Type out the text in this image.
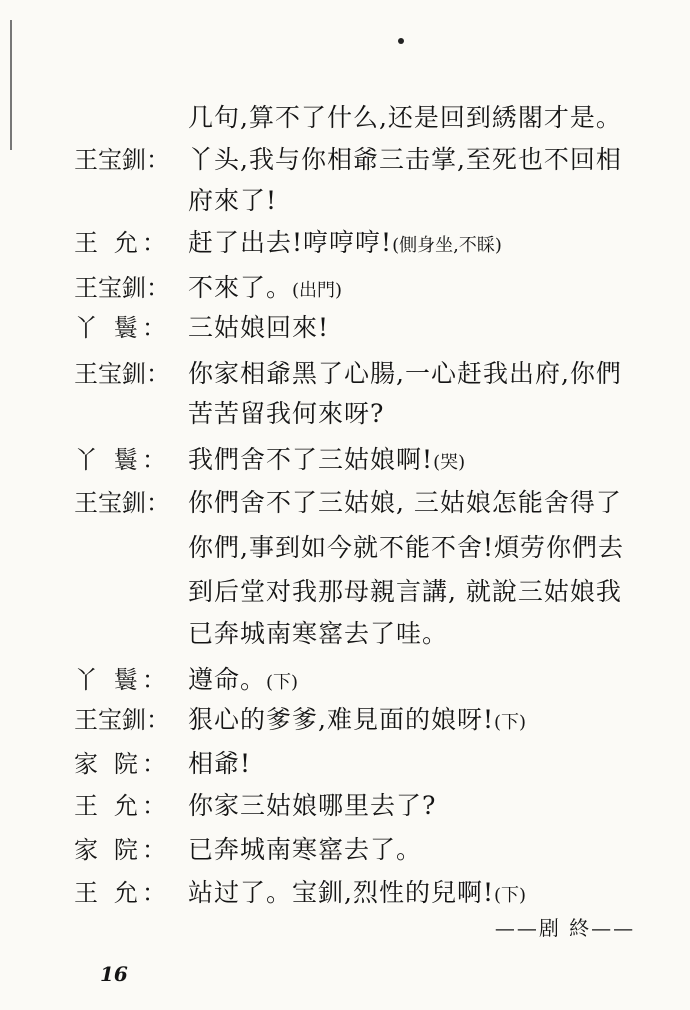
几句,算不了什么,还是回到綉閣才是。
王宝釧： 丫头,我与你相爺三击掌,至死也不回相
府來了!
王 允： 赶了出去!哼哼哼!(側身坐,不睬)
王宝釧： 不來了。(出門)
丫 鬟： 三姑娘回來!
王宝釧： 你家相爺黑了心腸,一心赶我出府,你們
苦苦留我何來呀?
丫 鬟： 我們舍不了三姑娘啊!(哭)
王宝釧： 你們舍不了三姑娘, 三姑娘怎能舍得了
你們,事到如今就不能不舍!煩劳你們去
到后堂对我那母親言講, 就說三姑娘我
已奔城南寒窰去了哇。
丫 鬟： 遵命。(下)
王宝釧： 狠心的爹爹,难見面的娘呀!(下)
家 院： 相爺!
王 允： 你家三姑娘哪里去了?
家 院： 已奔城南寒窰去了。
王 允： 站过了。宝釧,烈性的兒啊!(下)
——剧 終——
16
